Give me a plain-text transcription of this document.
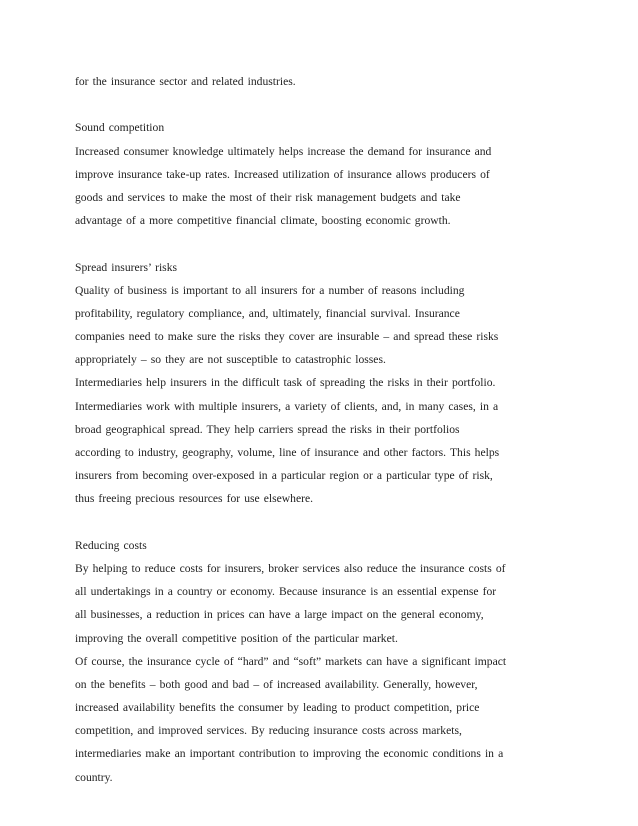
for the insurance sector and related industries.
Sound competition
Increased consumer knowledge ultimately helps increase the demand for insurance and
improve insurance take-up rates. Increased utilization of insurance allows producers of
goods and services to make the most of their risk management budgets and take
advantage of a more competitive financial climate, boosting economic growth.
Spread insurers’ risks
Quality of business is important to all insurers for a number of reasons including
profitability, regulatory compliance, and, ultimately, financial survival. Insurance
companies need to make sure the risks they cover are insurable – and spread these risks
appropriately – so they are not susceptible to catastrophic losses.
Intermediaries help insurers in the difficult task of spreading the risks in their portfolio.
Intermediaries work with multiple insurers, a variety of clients, and, in many cases, in a
broad geographical spread. They help carriers spread the risks in their portfolios
according to industry, geography, volume, line of insurance and other factors. This helps
insurers from becoming over-exposed in a particular region or a particular type of risk,
thus freeing precious resources for use elsewhere.
Reducing costs
By helping to reduce costs for insurers, broker services also reduce the insurance costs of
all undertakings in a country or economy. Because insurance is an essential expense for
all businesses, a reduction in prices can have a large impact on the general economy,
improving the overall competitive position of the particular market.
Of course, the insurance cycle of “hard” and “soft” markets can have a significant impact
on the benefits – both good and bad – of increased availability. Generally, however,
increased availability benefits the consumer by leading to product competition, price
competition, and improved services. By reducing insurance costs across markets,
intermediaries make an important contribution to improving the economic conditions in a
country.
